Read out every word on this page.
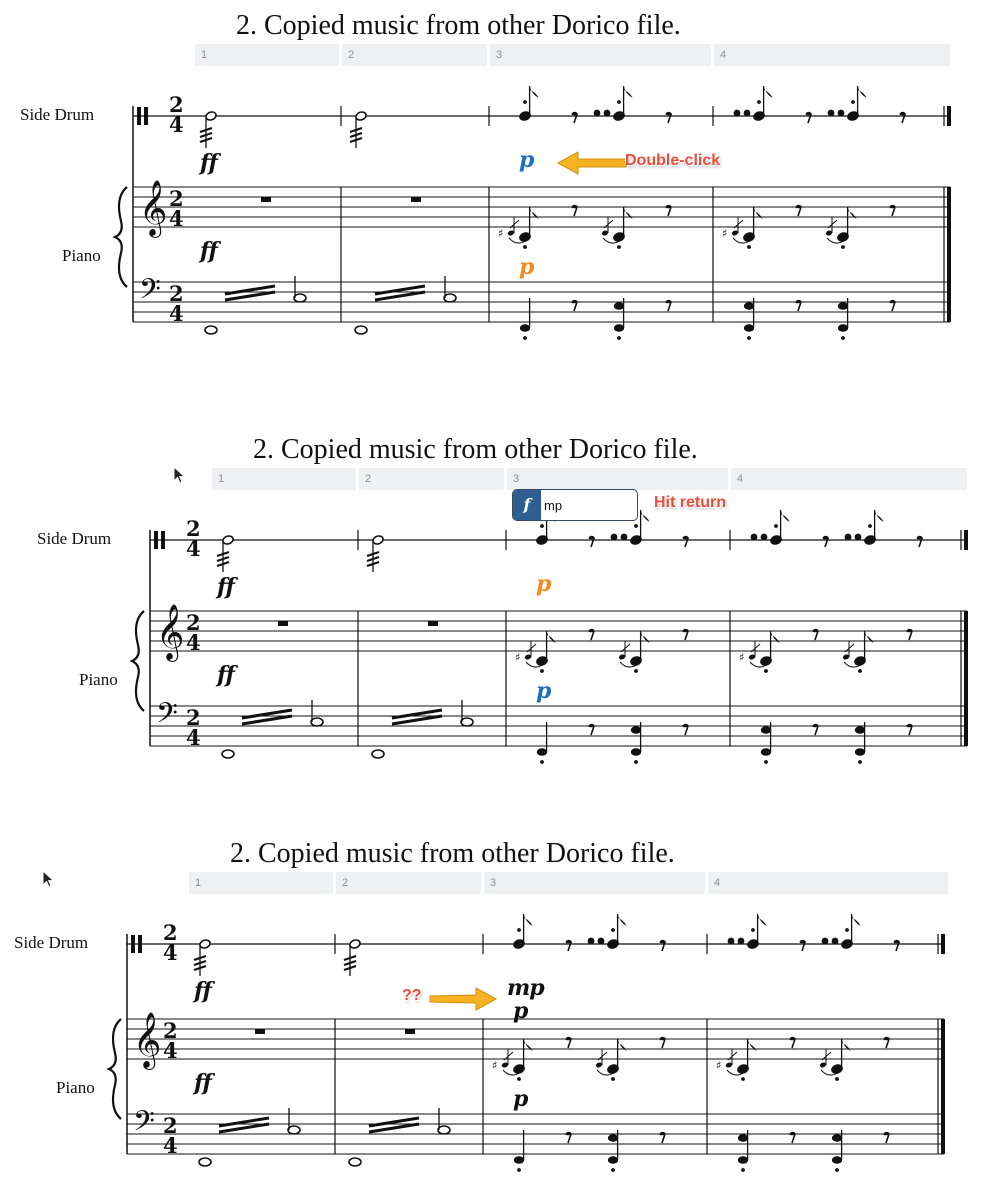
2. Copied music from other Dorico file.
1	2	3	4
Side Drum
Piano
2
4
𝄞
𝄢
2
4
2
4
♯	♯
ff
ff
p
p
Double-click
2. Copied music from other Dorico file.
1	2	3	4
Side Drum
Piano
2
4
𝄞
𝄢
2
4
2
4
♯	♯
ff
ff
p
p
Hit return
f
mp
2. Copied music from other Dorico file.
1	2	3	4
Side Drum
Piano
2
4
𝄞
𝄢
2
4
2
4
♯	♯
ff	mp
p
ff
p
??
